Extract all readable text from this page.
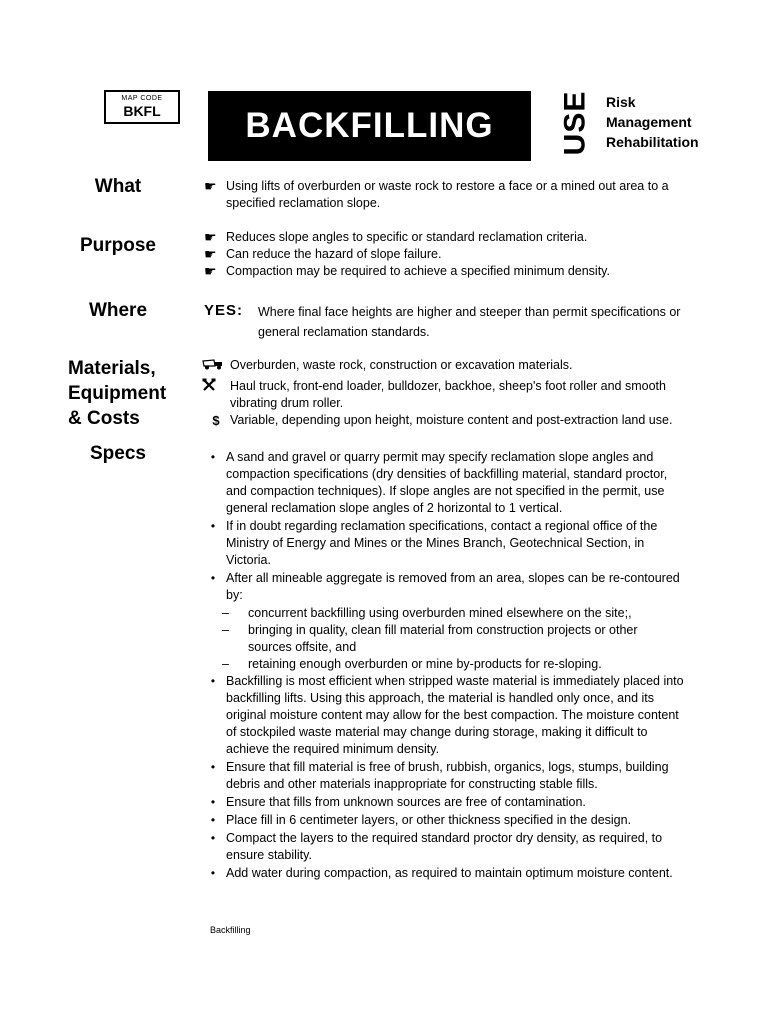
MAP CODE
BKFL	BACKFILLING USE Risk
Management
Rehabilitation
What
Purpose
Where
Materials,
Equipment
& Costs
Specs
☛
Using lifts of overburden or waste rock to restore a face or a mined out area to a specified reclamation slope.
☛
Reduces slope angles to specific or standard reclamation criteria.
☛
Can reduce the hazard of slope failure.
☛
Compaction may be required to achieve a specified minimum density.
YES:	Where final face heights are higher and steeper than permit specifications or general reclamation standards.
Overburden, waste rock, construction or excavation materials.
Haul truck, front-end loader, bulldozer, backhoe, sheep's foot roller and smooth vibrating drum roller.
$ Variable, depending upon height, moisture content and post-extraction land use.
• A sand and gravel or quarry permit may specify reclamation slope angles and compaction specifications (dry densities of backfilling material, standard proctor, and compaction techniques). If slope angles are not specified in the permit, use general reclamation slope angles of 2 horizontal to 1 vertical.
• If in doubt regarding reclamation specifications, contact a regional office of the Ministry of Energy and Mines or the Mines Branch, Geotechnical Section, in Victoria.
• After all mineable aggregate is removed from an area, slopes can be re-contoured by:
–	concurrent backfilling using overburden mined elsewhere on the site;,
–	bringing in quality, clean fill material from construction projects or other sources offsite, and
–	retaining enough overburden or mine by-products for re-sloping.
• Backfilling is most efficient when stripped waste material is immediately placed into backfilling lifts. Using this approach, the material is handled only once, and its original moisture content may allow for the best compaction. The moisture content of stockpiled waste material may change during storage, making it difficult to achieve the required minimum density.
• Ensure that fill material is free of brush, rubbish, organics, logs, stumps, building debris and other materials inappropriate for constructing stable fills.
• Ensure that fills from unknown sources are free of contamination.
• Place fill in 6 centimeter layers, or other thickness specified in the design.
• Compact the layers to the required standard proctor dry density, as required, to ensure stability.
• Add water during compaction, as required to maintain optimum moisture content.
Backfilling
